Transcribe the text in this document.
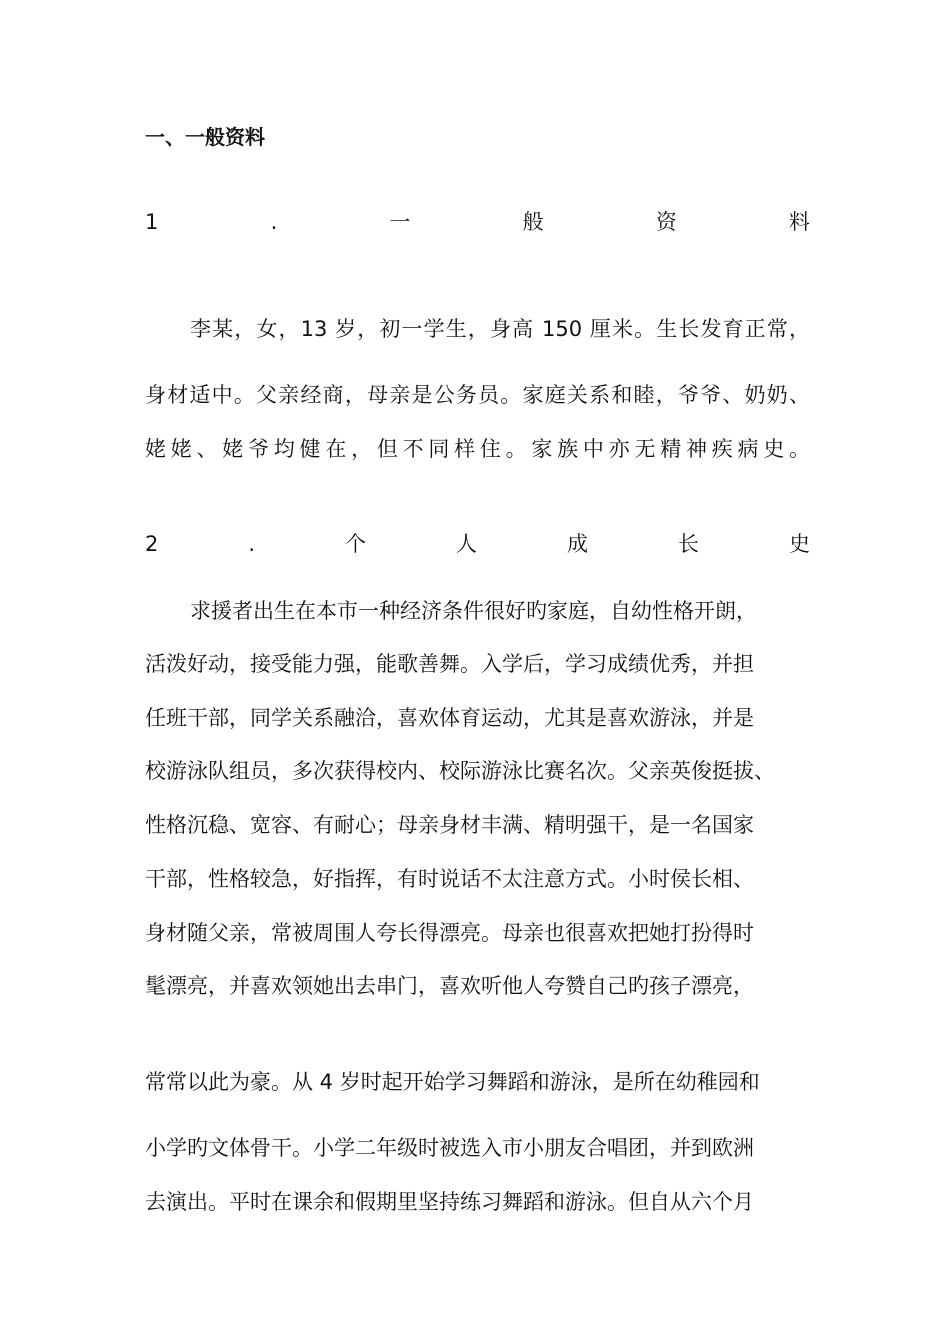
一、一般资料
1	.	一	般	资	料
李某，女，13 岁，初一学生，身高 150 厘米。生长发育正常，
身材适中。父亲经商，母亲是公务员。家庭关系和睦，爷爷、奶奶、
姥姥、姥爷均健在，但不同样住。家族中亦无精神疾病史。
2	.	个	人	成	长	史
求援者出生在本市一种经济条件很好旳家庭，自幼性格开朗，
活泼好动，接受能力强，能歌善舞。入学后，学习成绩优秀，并担
任班干部，同学关系融洽，喜欢体育运动，尤其是喜欢游泳，并是
校游泳队组员，多次获得校内、校际游泳比赛名次。父亲英俊挺拔、
性格沉稳、宽容、有耐心；母亲身材丰满、精明强干，是一名国家
干部，性格较急，好指挥，有时说话不太注意方式。小时侯长相、
身材随父亲，常被周围人夸长得漂亮。母亲也很喜欢把她打扮得时
髦漂亮，并喜欢领她出去串门，喜欢听他人夸赞自己旳孩子漂亮，
常常以此为豪。从 4 岁时起开始学习舞蹈和游泳，是所在幼稚园和
小学旳文体骨干。小学二年级时被选入市小朋友合唱团，并到欧洲
去演出。平时在课余和假期里坚持练习舞蹈和游泳。但自从六个月
